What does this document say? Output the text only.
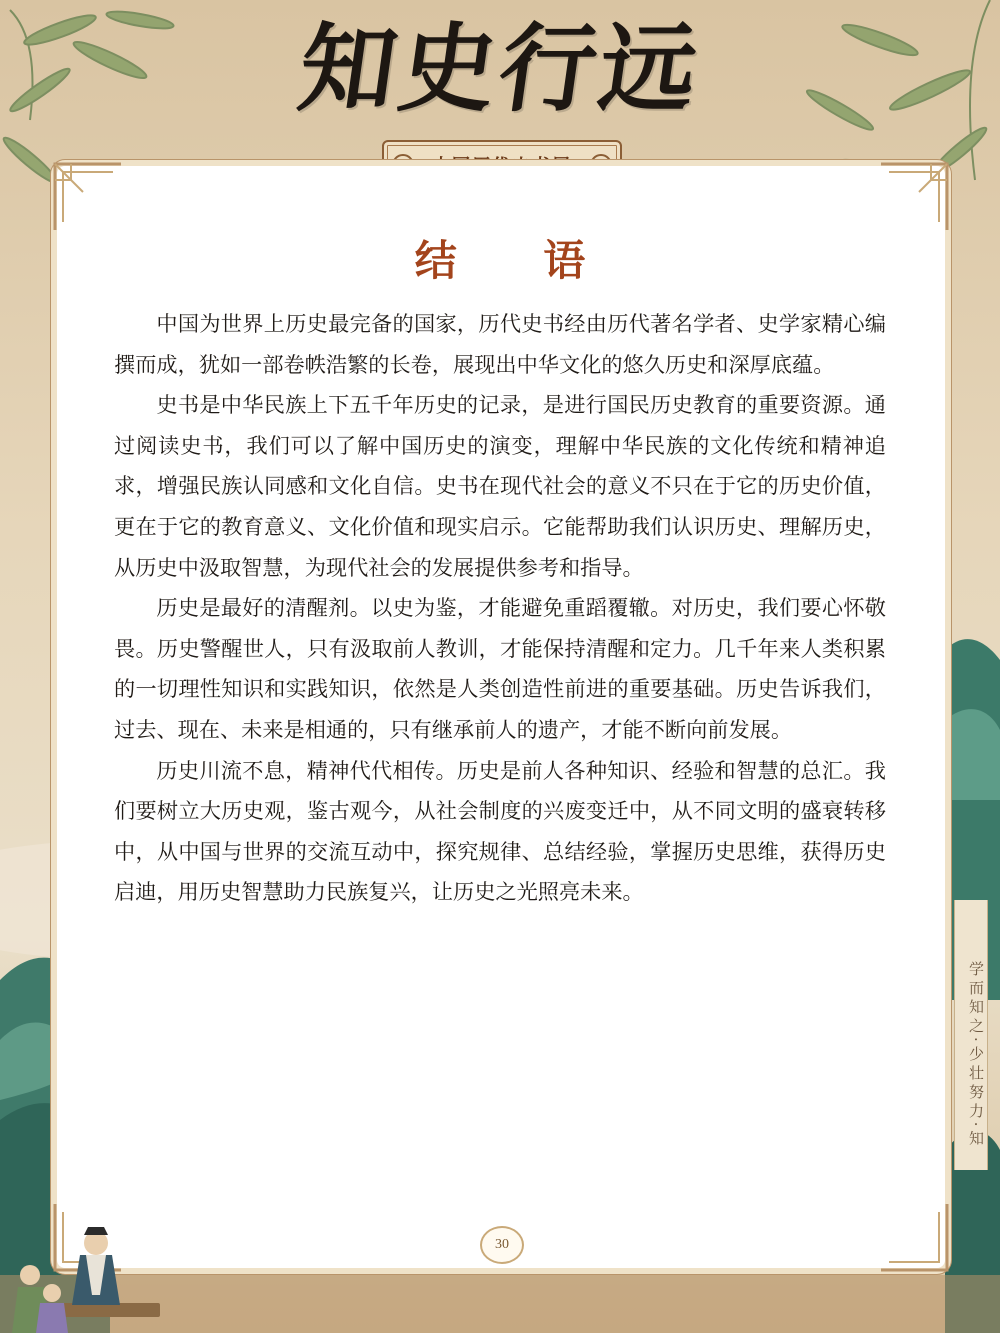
知史行远
学而知之·少壮努力·知
结 语

中国为世界上历史最完备的国家，历代史书经由历代著名学者、史学家精心编撰而成，犹如一部卷帙浩繁的长卷，展现出中华文化的悠久历史和深厚底蕴。

史书是中华民族上下五千年历史的记录，是进行国民历史教育的重要资源。通过阅读史书，我们可以了解中国历史的演变，理解中华民族的文化传统和精神追求，增强民族认同感和文化自信。史书在现代社会的意义不只在于它的历史价值，更在于它的教育意义、文化价值和现实启示。它能帮助我们认识历史、理解历史，从历史中汲取智慧，为现代社会的发展提供参考和指导。

历史是最好的清醒剂。以史为鉴，才能避免重蹈覆辙。对历史，我们要心怀敬畏。历史警醒世人，只有汲取前人教训，才能保持清醒和定力。几千年来人类积累的一切理性知识和实践知识，依然是人类创造性前进的重要基础。历史告诉我们，过去、现在、未来是相通的，只有继承前人的遗产，才能不断向前发展。

历史川流不息，精神代代相传。历史是前人各种知识、经验和智慧的总汇。我们要树立大历史观，鉴古观今，从社会制度的兴废变迁中，从不同文明的盛衰转移中，从中国与世界的交流互动中，探究规律、总结经验，掌握历史思维，获得历史启迪，用历史智慧助力民族复兴，让历史之光照亮未来。

30
